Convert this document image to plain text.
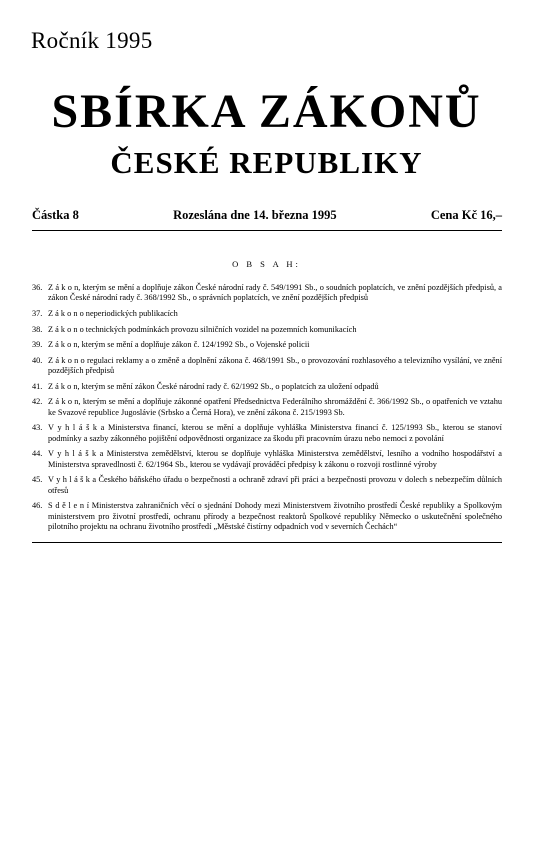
Ročník 1995
SBÍRKA ZÁKONŮ
ČESKÉ REPUBLIKY
Částka 8	Rozeslána dne 14. března 1995	Cena Kč 16,–
O B S A H:
36. Z á k o n, kterým se mění a doplňuje zákon České národní rady č. 549/1991 Sb., o soudních poplatcích, ve znění pozdějších předpisů, a zákon České národní rady č. 368/1992 Sb., o správních poplatcích, ve znění pozdějších předpisů
37. Z á k o n o neperiodických publikacích
38. Z á k o n o technických podmínkách provozu silničních vozidel na pozemních komunikacích
39. Z á k o n, kterým se mění a doplňuje zákon č. 124/1992 Sb., o Vojenské policii
40. Z á k o n o regulaci reklamy a o změně a doplnění zákona č. 468/1991 Sb., o provozování rozhlasového a televizního vysílání, ve znění pozdějších předpisů
41. Z á k o n, kterým se mění zákon České národní rady č. 62/1992 Sb., o poplatcích za uložení odpadů
42. Z á k o n, kterým se mění a doplňuje zákonné opatření Předsednictva Federálního shromáždění č. 366/1992 Sb., o opatřeních ve vztahu ke Svazové republice Jugoslávie (Srbsko a Černá Hora), ve znění zákona č. 215/1993 Sb.
43. V y h l á š k a Ministerstva financí, kterou se mění a doplňuje vyhláška Ministerstva financí č. 125/1993 Sb., kterou se stanoví podmínky a sazby zákonného pojištění odpovědnosti organizace za škodu při pracovním úrazu nebo nemoci z povolání
44. V y h l á š k a Ministerstva zemědělství, kterou se doplňuje vyhláška Ministerstva zemědělství, lesního a vodního hospodářství a Ministerstva spravedlnosti č. 62/1964 Sb., kterou se vydávají prováděcí předpisy k zákonu o rozvoji rostlinné výroby
45. V y h l á š k a Českého báňského úřadu o bezpečnosti a ochraně zdraví při práci a bezpečnosti provozu v dolech s nebezpečím důlních otřesů
46. S d ě l e n í Ministerstva zahraničních věcí o sjednání Dohody mezi Ministerstvem životního prostředí České republiky a Spolkovým ministerstvem pro životní prostředí, ochranu přírody a bezpečnost reaktorů Spolkové republiky Německo o uskutečnění společného pilotního projektu na ochranu životního prostředí „Městské čistírny odpadních vod v severních Čechách“
